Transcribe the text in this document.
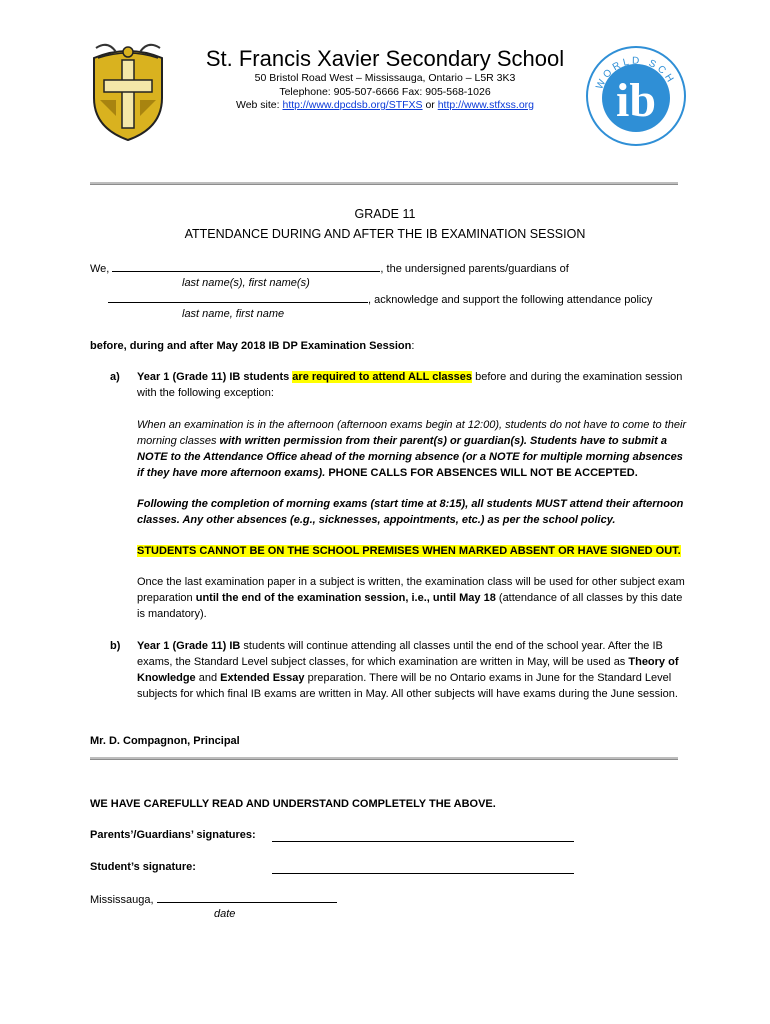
WORLD SCH
ib
St. Francis Xavier Secondary School
50 Bristol Road West – Mississauga, Ontario – L5R 3K3
Telephone: 905-507-6666 Fax: 905-568-1026
Web site: http://www.dpcdsb.org/STFXS or http://www.stfxss.org
GRADE 11
ATTENDANCE DURING AND AFTER THE IB EXAMINATION SESSION
We,	, the undersigned parents/guardians of
last name(s), first name(s)
, acknowledge and support the following attendance policy
last name, first name
before, during and after May 2018 IB DP Examination Session:
a) Year 1 (Grade 11) IB students are required to attend ALL classes before and during the examination session
with the following exception:
When an examination is in the afternoon (afternoon exams begin at 12:00), students do not have to come to their morning classes with written permission from their parent(s) or guardian(s). Students have to submit a NOTE to the Attendance Office ahead of the morning absence (or a NOTE for multiple morning absences if they have more afternoon exams). PHONE CALLS FOR ABSENCES WILL NOT BE ACCEPTED.
Following the completion of morning exams (start time at 8:15), all students MUST attend their afternoon classes. Any other absences (e.g., sicknesses, appointments, etc.) as per the school policy.
STUDENTS CANNOT BE ON THE SCHOOL PREMISES WHEN MARKED ABSENT OR HAVE SIGNED OUT.
Once the last examination paper in a subject is written, the examination class will be used for other subject exam preparation until the end of the examination session, i.e., until May 18 (attendance of all classes by this date is mandatory).
b) Year 1 (Grade 11) IB students will continue attending all classes until the end of the school year. After the IB exams, the Standard Level subject classes, for which examination are written in May, will be used as Theory of Knowledge and Extended Essay preparation. There will be no Ontario exams in June for the Standard Level subjects for which final IB exams are written in May. All other subjects will have exams during the June session.
Mr. D. Compagnon, Principal
WE HAVE CAREFULLY READ AND UNDERSTAND COMPLETELY THE ABOVE.
Parents’/Guardians’ signatures:
Student’s signature:
Mississauga,
date
